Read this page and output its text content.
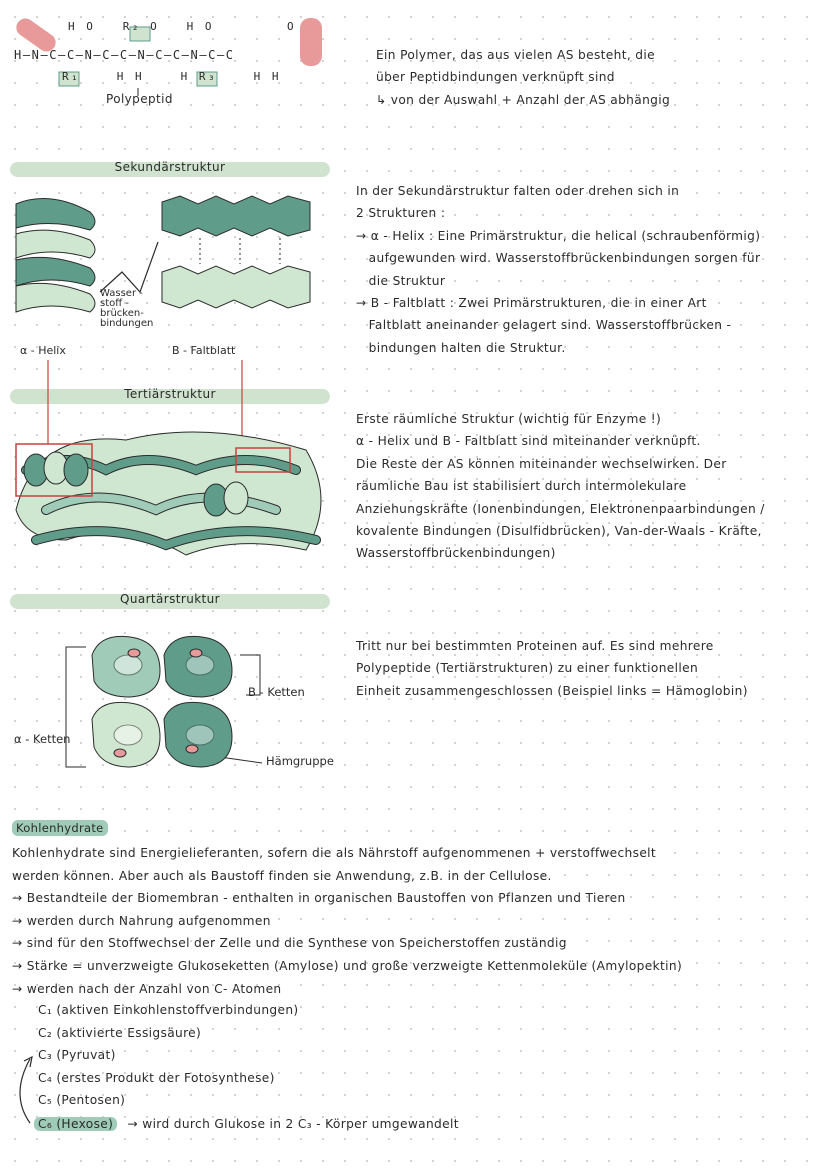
H O   R₂ O   H O        O
H–N–C–C–N–C–C–N–C–C–N–C–C
R₁    H H    H R₃    H H
Polypeptid
Ein Polymer, das aus vielen AS besteht, die
über Peptidbindungen verknüpft sind
↳ von der Auswahl + Anzahl der AS abhängig
Sekundärstruktur
Wasser -
stoff -
brücken-
bindungen
α - Helix	B - Faltblatt
In der Sekundärstruktur falten oder drehen sich in
2 Strukturen :
→ α - Helix : Eine Primärstruktur, die helical (schraubenförmig)
aufgewunden wird. Wasserstoffbrückenbindungen sorgen für
die Struktur
→ B - Faltblatt : Zwei Primärstrukturen, die in einer Art
Faltblatt aneinander gelagert sind. Wasserstoffbrücken -
bindungen halten die Struktur.
Tertiärstruktur
Erste räumliche Struktur (wichtig für Enzyme !)
α - Helix und B - Faltblatt sind miteinander verknüpft.
Die Reste der AS können miteinander wechselwirken. Der
räumliche Bau ist stabilisiert durch intermolekulare
Anziehungskräfte (Ionenbindungen, Elektronenpaarbindungen /
kovalente Bindungen (Disulfidbrücken), Van-der-Waals - Kräfte,
Wasserstoffbrückenbindungen)
Quartärstruktur
B - Ketten
α - Ketten
Hämgruppe
Tritt nur bei bestimmten Proteinen auf. Es sind mehrere
Polypeptide (Tertiärstrukturen) zu einer funktionellen
Einheit zusammengeschlossen (Beispiel links = Hämoglobin)
Kohlenhydrate
Kohlenhydrate sind Energielieferanten, sofern die als Nährstoff aufgenommenen + verstoffwechselt
werden können. Aber auch als Baustoff finden sie Anwendung, z.B. in der Cellulose.
→ Bestandteile der Biomembran - enthalten in organischen Baustoffen von Pflanzen und Tieren
→ werden durch Nahrung aufgenommen
→ sind für den Stoffwechsel der Zelle und die Synthese von Speicherstoffen zuständig
→ Stärke = unverzweigte Glukoseketten (Amylose) und große verzweigte Kettenmoleküle (Amylopektin)
→ werden nach der Anzahl von C- Atomen
C₁ (aktiven Einkohlenstoffverbindungen)
C₂ (aktivierte Essigsäure)
C₃ (Pyruvat)
C₄ (erstes Produkt der Fotosynthese)
C₅ (Pentosen)
C₆ (Hexose) → wird durch Glukose in 2 C₃ - Körper umgewandelt
